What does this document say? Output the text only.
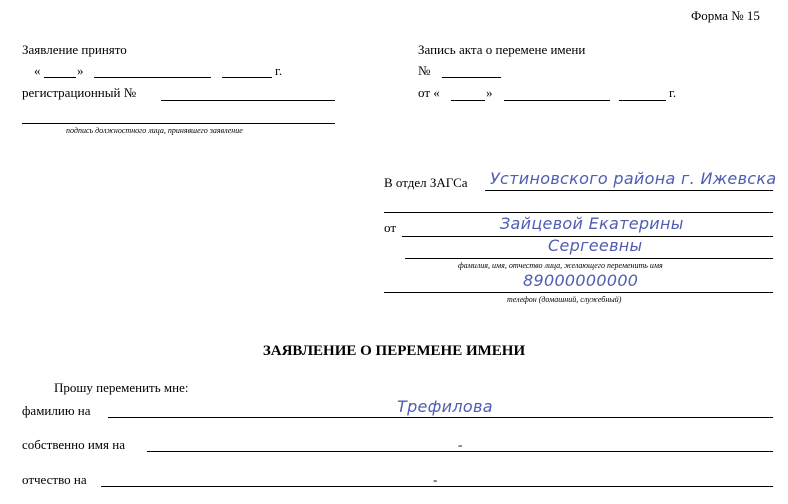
Форма № 15
Заявление принято
«	»	г.
регистрационный №
подпись должностного лица, принявшего заявление
Запись акта о перемене имени
№
от «	»	г.
В отдел ЗАГСа Устиновского района г. Ижевска
от	Зайцевой Екатерины
Сергеевны
фамилия, имя, отчество лица, желающего переменить имя
89000000000
телефон (домашний, служебный)
ЗАЯВЛЕНИЕ О ПЕРЕМЕНЕ ИМЕНИ
Прошу переменить мне:
фамилию на	Трефилова
собственно имя на	-
отчество на	-
